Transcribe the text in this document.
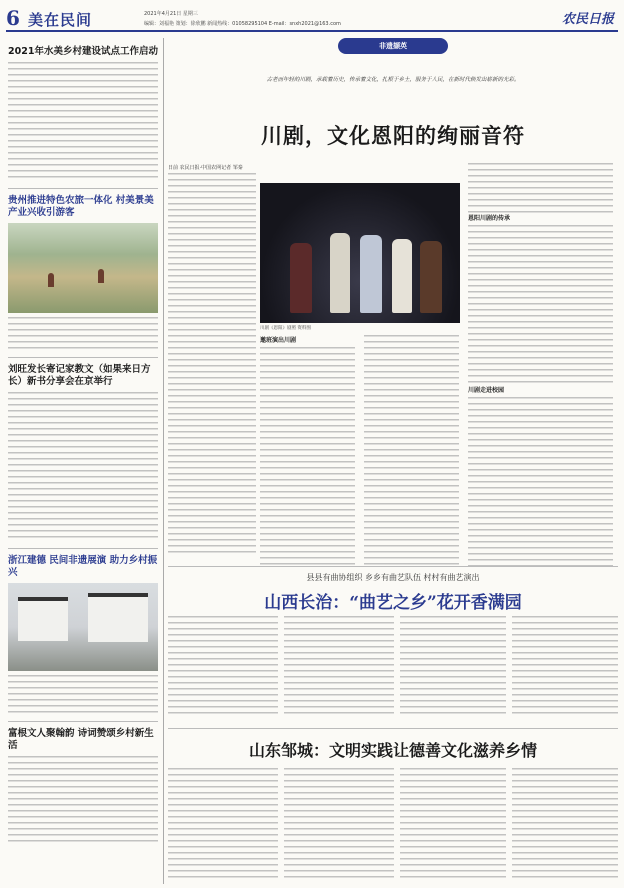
6 美在民间	2021年4月21日 星期三
编辑：刘福艳 策划：徐欣鹏 新闻热线：01058295104 E-mail：snxh2021@163.com	农民日报
2021年水美乡村建设试点工作启动
贵州推进特色农旅一体化 村美景美产业兴收引游客
刘旺发长寄记家教文（如果来日方长）新书分享会在京举行
浙江建德 民间非遗展演 助力乡村振兴
富根文人聚翰韵 诗词赞颂乡村新生活
非遗撷英
古老而年轻的川剧，承载着历史，传承着文化，扎根于乡土，服务于人民，在新时代焕发出崭新的光彩。
川剧，文化恩阳的绚丽音符
日前 农民日报·中国农网记者 邹秦
川剧《恩阳》剧照 资料图
邀班演出川剧
恩阳川剧的传承
川剧走进校园
县县有曲协组织 乡乡有曲艺队伍 村村有曲艺演出
山西长治：“曲艺之乡”花开香满园
山东邹城：文明实践让德善文化滋养乡情
